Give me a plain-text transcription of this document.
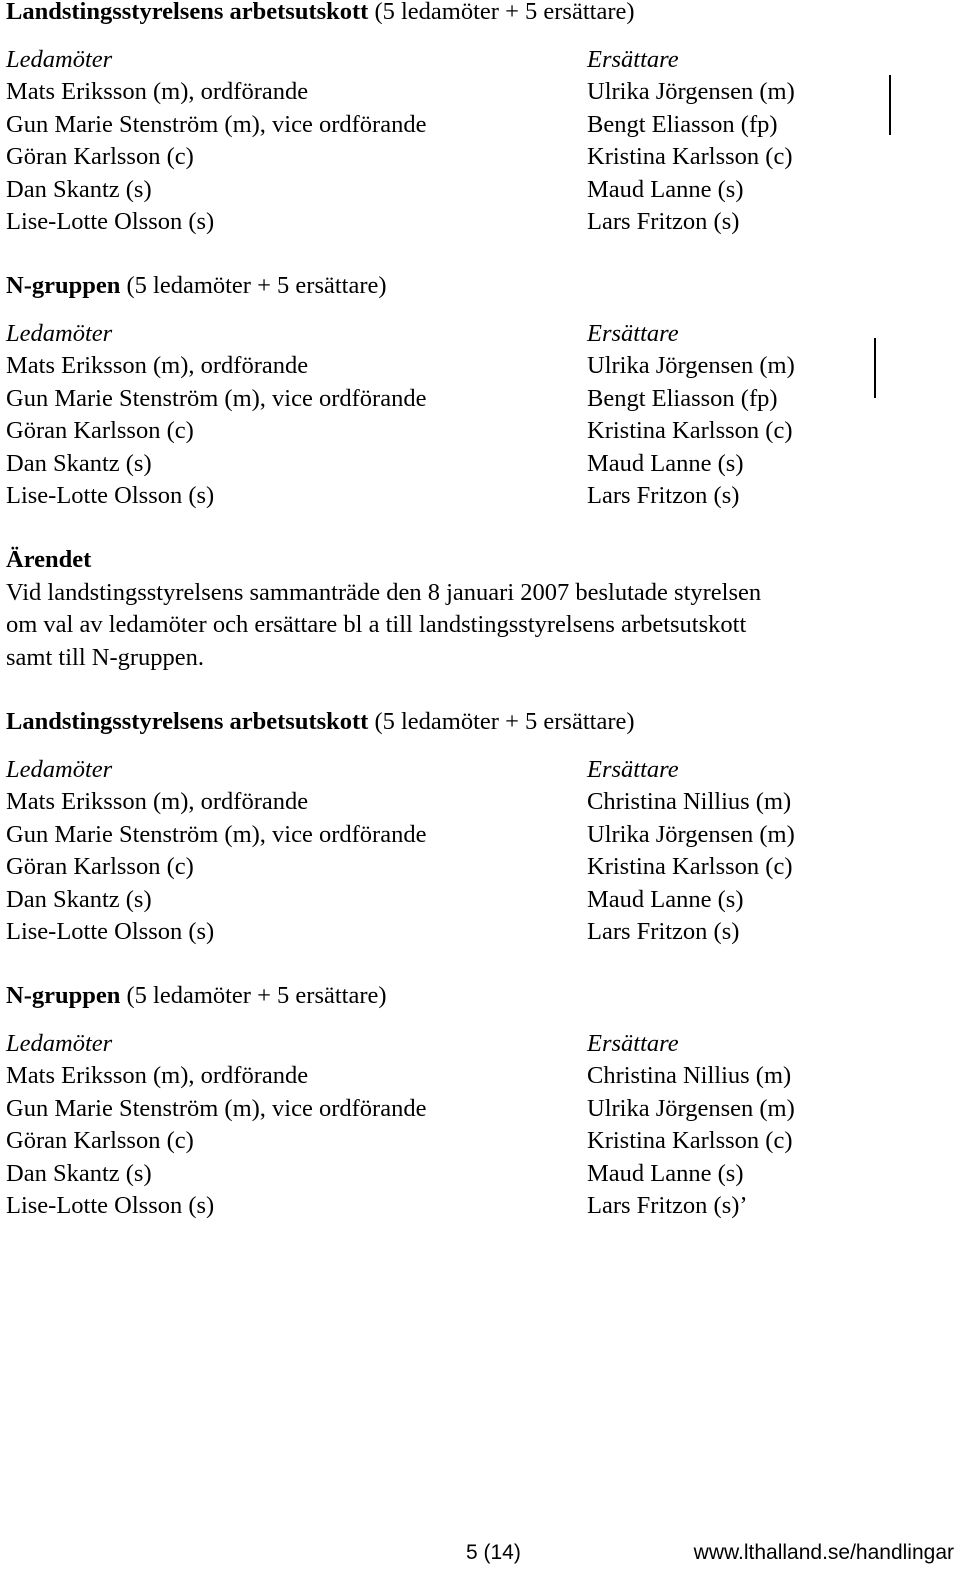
Landstingsstyrelsens arbetsutskott (5 ledamöter + 5 ersättare)
Ledamöter
Mats Eriksson (m), ordförande
Gun Marie Stenström (m), vice ordförande
Göran Karlsson (c)
Dan Skantz (s)
Lise-Lotte Olsson (s)
Ersättare
Ulrika Jörgensen (m)
Bengt Eliasson (fp)
Kristina Karlsson (c)
Maud Lanne (s)
Lars Fritzon (s)
N-gruppen (5 ledamöter + 5 ersättare)
Ledamöter
Mats Eriksson (m), ordförande
Gun Marie Stenström (m), vice ordförande
Göran Karlsson (c)
Dan Skantz (s)
Lise-Lotte Olsson (s)
Ersättare
Ulrika Jörgensen (m)
Bengt Eliasson (fp)
Kristina Karlsson (c)
Maud Lanne (s)
Lars Fritzon (s)
Ärendet
Vid landstingsstyrelsens sammanträde den 8 januari 2007 beslutade styrelsen
om val av ledamöter och ersättare bl a till landstingsstyrelsens arbetsutskott
samt till N-gruppen.
Landstingsstyrelsens arbetsutskott (5 ledamöter + 5 ersättare)
Ledamöter
Mats Eriksson (m), ordförande
Gun Marie Stenström (m), vice ordförande
Göran Karlsson (c)
Dan Skantz (s)
Lise-Lotte Olsson (s)
Ersättare
Christina Nillius (m)
Ulrika Jörgensen (m)
Kristina Karlsson (c)
Maud Lanne (s)
Lars Fritzon (s)
N-gruppen (5 ledamöter + 5 ersättare)
Ledamöter
Mats Eriksson (m), ordförande
Gun Marie Stenström (m), vice ordförande
Göran Karlsson (c)
Dan Skantz (s)
Lise-Lotte Olsson (s)
Ersättare
Christina Nillius (m)
Ulrika Jörgensen (m)
Kristina Karlsson (c)
Maud Lanne (s)
Lars Fritzon (s)’
5 (14)	www.lthalland.se/handlingar
